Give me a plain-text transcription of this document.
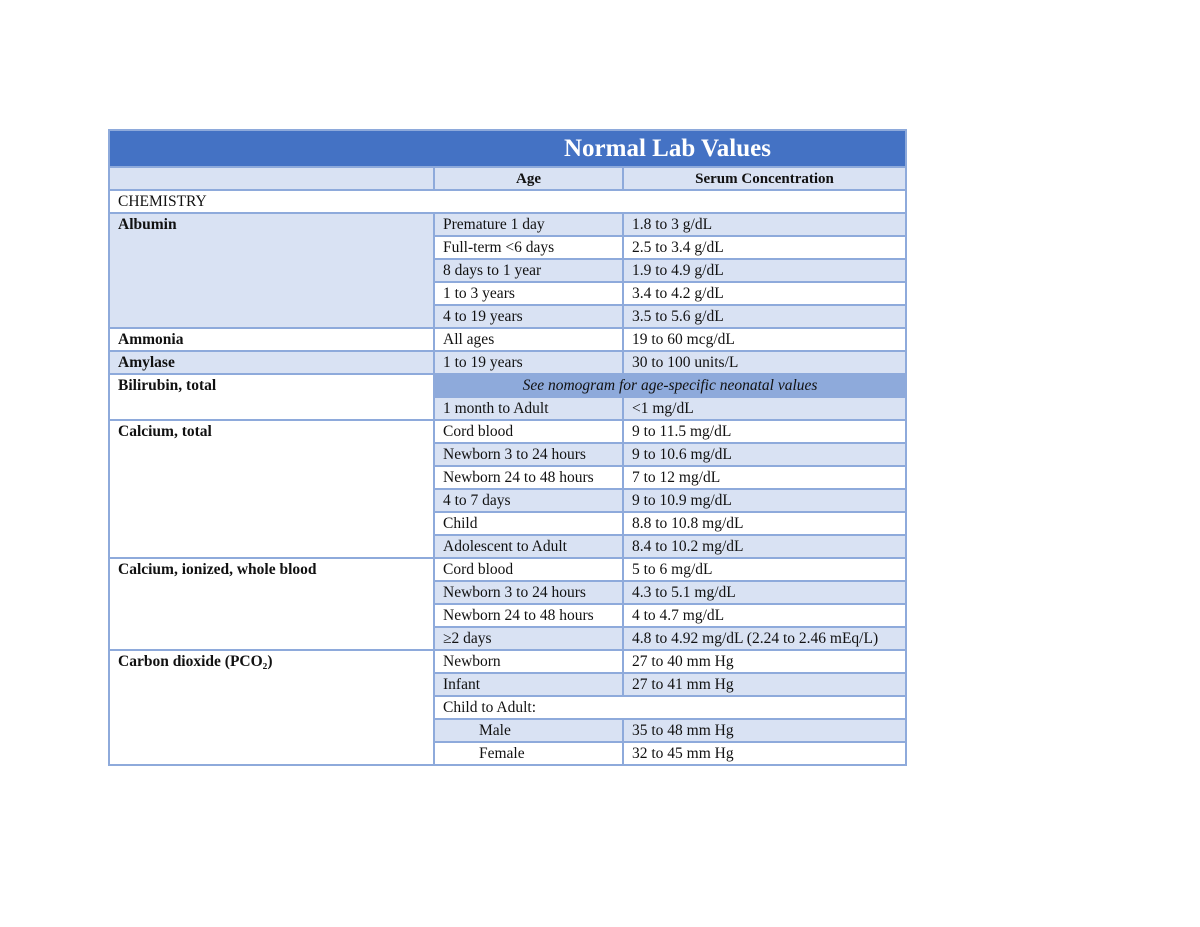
Normal Lab Values		

	Age	Serum Concentration
CHEMISTRY		
Albumin	Premature 1 day	1.8 to 3 g/dL
	Full-term <6 days	2.5 to 3.4 g/dL
	8 days to 1 year	1.9 to 4.9 g/dL
	1 to 3 years	3.4 to 4.2 g/dL
	4 to 19 years	3.5 to 5.6 g/dL
Ammonia	All ages	19 to 60 mcg/dL
Amylase	1 to 19 years	30 to 100 units/L
Bilirubin, total	See nomogram for age-specific neonatal values	
	1 month to Adult	<1 mg/dL
Calcium, total	Cord blood	9 to 11.5 mg/dL
	Newborn 3 to 24 hours	9 to 10.6 mg/dL
	Newborn 24 to 48 hours	7 to 12 mg/dL
	4 to 7 days	9 to 10.9 mg/dL
	Child	8.8 to 10.8 mg/dL
	Adolescent to Adult	8.4 to 10.2 mg/dL
Calcium, ionized, whole blood	Cord blood	5 to 6 mg/dL
	Newborn 3 to 24 hours	4.3 to 5.1 mg/dL
	Newborn 24 to 48 hours	4 to 4.7 mg/dL
	≥2 days	4.8 to 4.92 mg/dL (2.24 to 2.46 mEq/L)
Carbon dioxide (PCO₂)	Newborn	27 to 40 mm Hg
	Infant	27 to 41 mm Hg
	Child to Adult:	
	Male	35 to 48 mm Hg
	Female	32 to 45 mm Hg
